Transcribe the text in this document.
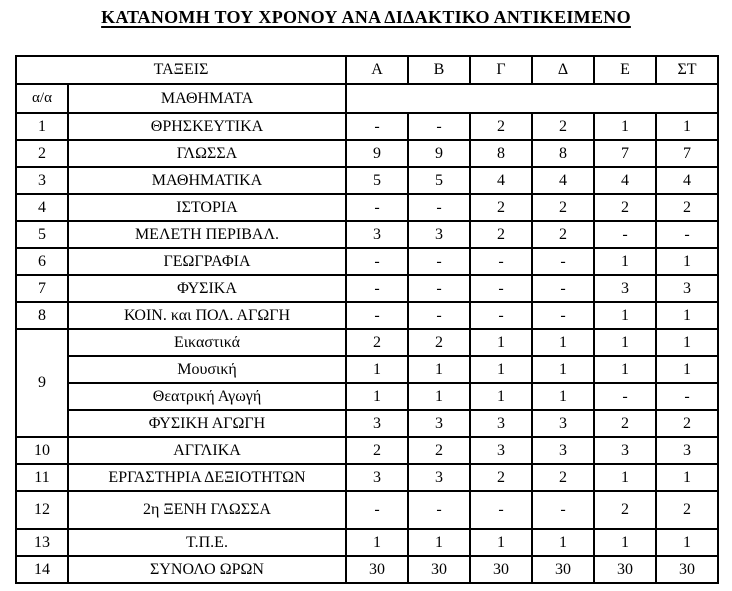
ΚΑΤΑΝΟΜΗ ΤΟΥ ΧΡΟΝΟΥ ΑΝΑ ΔΙΔΑΚΤΙΚΟ ΑΝΤΙΚΕΙΜΕΝΟ
ΤΑΞΕΙΣ		Α	Β	Γ	Δ	Ε	ΣΤ
α/α	ΜΑΘΗΜΑΤΑ						
1	ΘΡΗΣΚΕΥΤΙΚΑ	-	-	2	2	1	1
2	ΓΛΩΣΣΑ	9	9	8	8	7	7
3	ΜΑΘΗΜΑΤΙΚΑ	5	5	4	4	4	4
4	ΙΣΤΟΡΙΑ	-	-	2	2	2	2
5	ΜΕΛΕΤΗ ΠΕΡΙΒΑΛ.	3	3	2	2	-	-
6	ΓΕΩΓΡΑΦΙΑ	-	-	-	-	1	1
7	ΦΥΣΙΚΑ	-	-	-	-	3	3
8	ΚΟΙΝ. και ΠΟΛ. ΑΓΩΓΗ	-	-	-	-	1	1
9	Εικαστικά	2	2	1	1	1	1
	Μουσική	1	1	1	1	1	1
	Θεατρική Αγωγή	1	1	1	1	-	-
	ΦΥΣΙΚΗ ΑΓΩΓΗ	3	3	3	3	2	2
10	ΑΓΓΛΙΚΑ	2	2	3	3	3	3
11	ΕΡΓΑΣΤΗΡΙΑ ΔΕΞΙΟΤΗΤΩΝ	3	3	2	2	1	1
12	2η ΞΕΝΗ ΓΛΩΣΣΑ	-	-	-	-	2	2
13	Τ.Π.Ε.	1	1	1	1	1	1
14	ΣΥΝΟΛΟ ΩΡΩΝ	30	30	30	30	30	30
